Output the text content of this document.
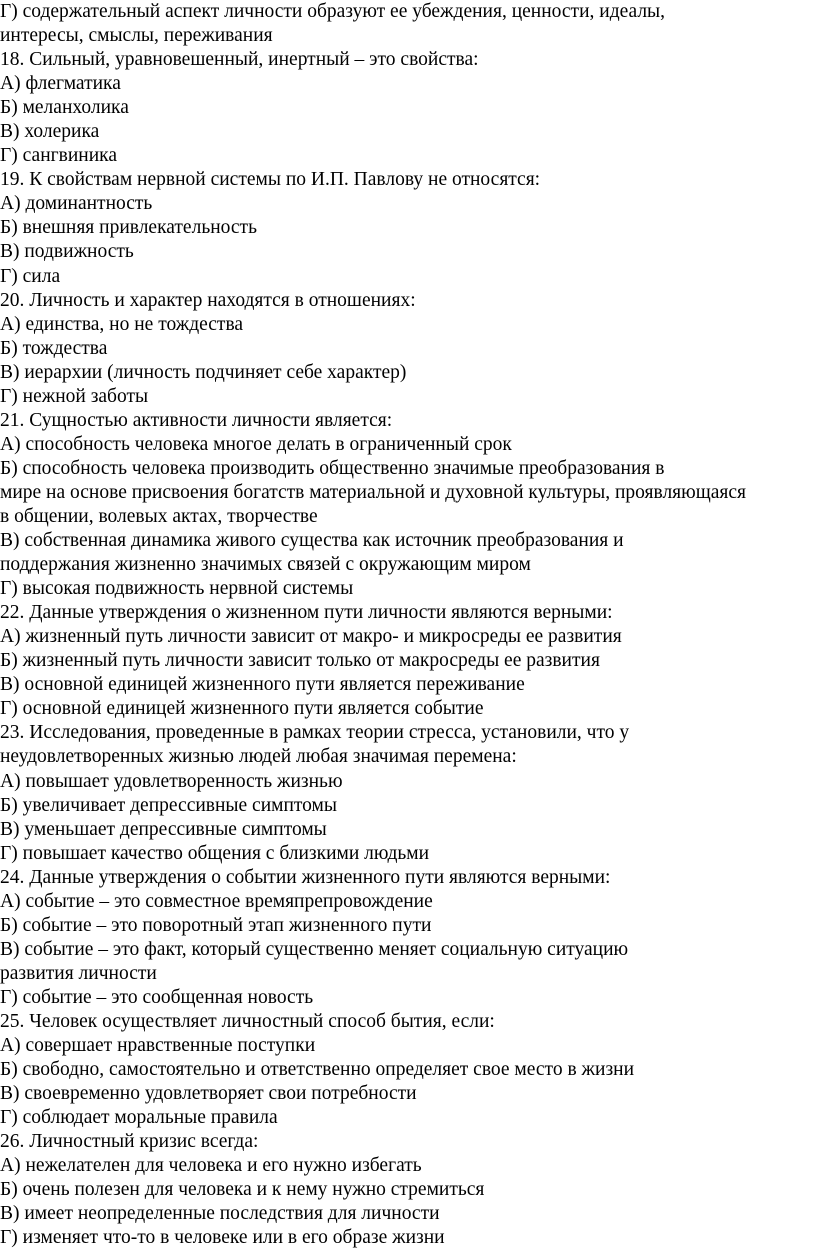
Г) содержательный аспект личности образуют ее убеждения, ценности, идеалы,
интересы, смыслы, переживания
18. Сильный, уравновешенный, инертный – это свойства:
А) флегматика
Б) меланхолика
В) холерика
Г) сангвиника
19. К свойствам нервной системы по И.П. Павлову не относятся:
А) доминантность
Б) внешняя привлекательность
В) подвижность
Г) сила
20. Личность и характер находятся в отношениях:
А) единства, но не тождества
Б) тождества
В) иерархии (личность подчиняет себе характер)
Г) нежной заботы
21. Сущностью активности личности является:
А) способность человека многое делать в ограниченный срок
Б) способность человека производить общественно значимые преобразования в
мире на основе присвоения богатств материальной и духовной культуры, проявляющаяся
в общении, волевых актах, творчестве
В) собственная динамика живого существа как источник преобразования и
поддержания жизненно значимых связей с окружающим миром
Г) высокая подвижность нервной системы
22. Данные утверждения о жизненном пути личности являются верными:
А) жизненный путь личности зависит от макро- и микросреды ее развития
Б) жизненный путь личности зависит только от макросреды ее развития
В) основной единицей жизненного пути является переживание
Г) основной единицей жизненного пути является событие
23. Исследования, проведенные в рамках теории стресса, установили, что у
неудовлетворенных жизнью людей любая значимая перемена:
А) повышает удовлетворенность жизнью
Б) увеличивает депрессивные симптомы
В) уменьшает депрессивные симптомы
Г) повышает качество общения с близкими людьми
24. Данные утверждения о событии жизненного пути являются верными:
А) событие – это совместное времяпрепровождение
Б) событие – это поворотный этап жизненного пути
В) событие – это факт, который существенно меняет социальную ситуацию
развития личности
Г) событие – это сообщенная новость
25. Человек осуществляет личностный способ бытия, если:
А) совершает нравственные поступки
Б) свободно, самостоятельно и ответственно определяет свое место в жизни
В) своевременно удовлетворяет свои потребности
Г) соблюдает моральные правила
26. Личностный кризис всегда:
А) нежелателен для человека и его нужно избегать
Б) очень полезен для человека и к нему нужно стремиться
В) имеет неопределенные последствия для личности
Г) изменяет что-то в человеке или в его образе жизни
